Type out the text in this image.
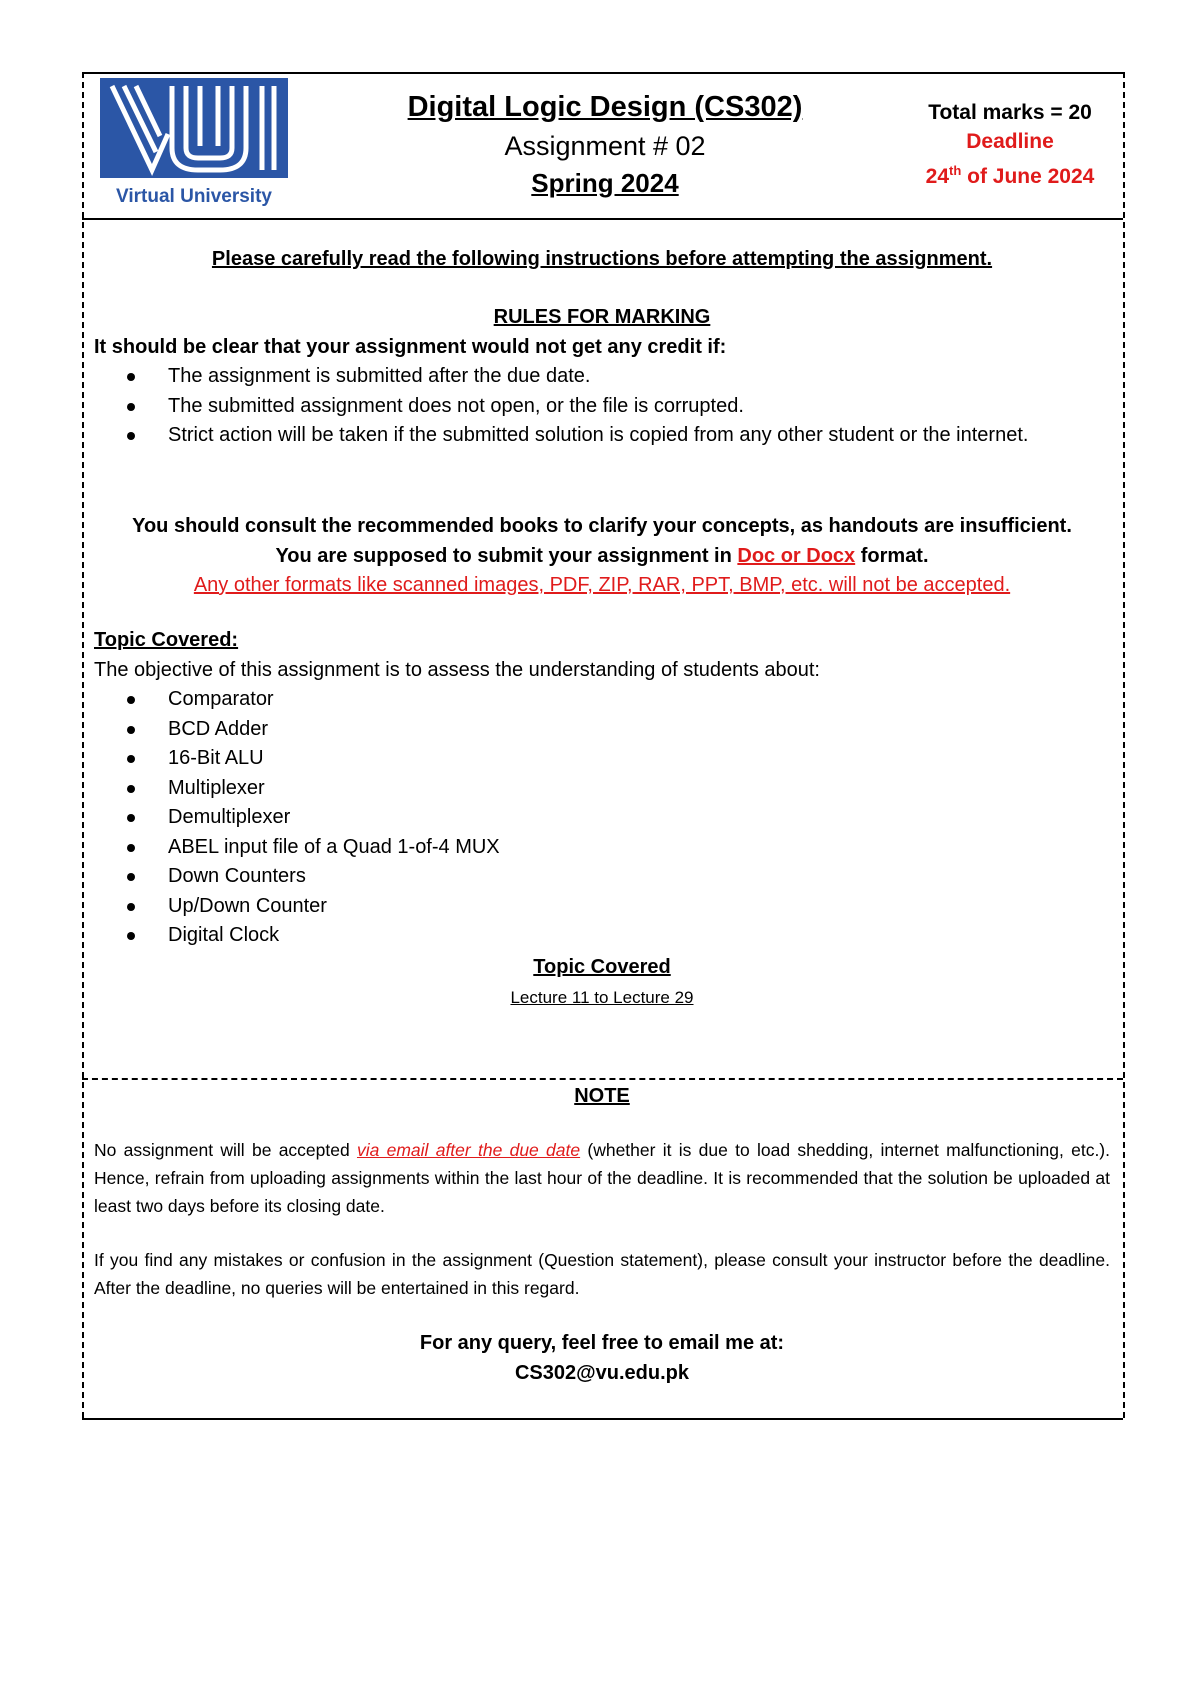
Virtual University
Digital Logic Design (CS302)
Assignment # 02
Spring 2024
Total marks = 20
Deadline
24th of June 2024
Please carefully read the following instructions before attempting the assignment.
RULES FOR MARKING
It should be clear that your assignment would not get any credit if:
The assignment is submitted after the due date.
The submitted assignment does not open, or the file is corrupted.
Strict action will be taken if the submitted solution is copied from any other student or the internet.
You should consult the recommended books to clarify your concepts, as handouts are insufficient.
You are supposed to submit your assignment in Doc or Docx format.
Any other formats like scanned images, PDF, ZIP, RAR, PPT, BMP, etc. will not be accepted.
Topic Covered:
The objective of this assignment is to assess the understanding of students about:
Comparator
BCD Adder
16-Bit ALU
Multiplexer
Demultiplexer
ABEL input file of a Quad 1-of-4 MUX
Down Counters
Up/Down Counter
Digital Clock
Topic Covered
Lecture 11 to Lecture 29
NOTE
No assignment will be accepted via email after the due date (whether it is due to load shedding, internet malfunctioning, etc.). Hence, refrain from uploading assignments within the last hour of the deadline. It is recommended that the solution be uploaded at least two days before its closing date.
If you find any mistakes or confusion in the assignment (Question statement), please consult your instructor before the deadline. After the deadline, no queries will be entertained in this regard.
For any query, feel free to email me at:
CS302@vu.edu.pk
